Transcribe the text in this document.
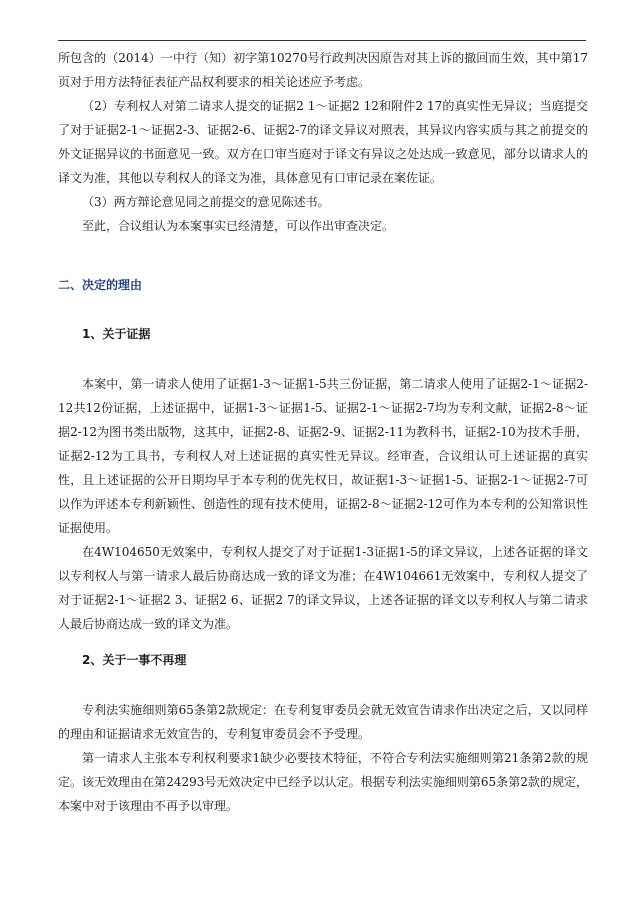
所包含的（2014）一中行（知）初字第10270号行政判决因原告对其上诉的撤回而生效，其中第17页对于用方法特征表征产品权利要求的相关论述应予考虑。

（2）专利权人对第二请求人提交的证据2 1～证据2 12和附件2 17的真实性无异议；当庭提交了对于证据2-1～证据2-3、证据2-6、证据2-7的译文异议对照表，其异议内容实质与其之前提交的外文证据异议的书面意见一致。双方在口审当庭对于译文有异议之处达成一致意见，部分以请求人的译文为准，其他以专利权人的译文为准，具体意见有口审记录在案佐证。

（3）两方辩论意见同之前提交的意见陈述书。

至此，合议组认为本案事实已经清楚，可以作出审查决定。

二、决定的理由
1、关于证据

本案中，第一请求人使用了证据1-3～证据1-5共三份证据，第二请求人使用了证据2-1～证据2-12共12份证据，上述证据中，证据1-3～证据1-5、证据2-1～证据2-7均为专利文献，证据2-8～证据2-12为图书类出版物，这其中，证据2-8、证据2-9、证据2-11为教科书，证据2-10为技术手册，证据2-12为工具书，专利权人对上述证据的真实性无异议。经审查，合议组认可上述证据的真实性，且上述证据的公开日期均早于本专利的优先权日，故证据1-3～证据1-5、证据2-1～证据2-7可以作为评述本专利新颖性、创造性的现有技术使用，证据2-8～证据2-12可作为本专利的公知常识性证据使用。

在4W104650无效案中，专利权人提交了对于证据1-3证据1-5的译文异议，上述各证据的译文以专利权人与第一请求人最后协商达成一致的译文为准；在4W104661无效案中，专利权人提交了对于证据2-1～证据2 3、证据2 6、证据2 7的译文异议，上述各证据的译文以专利权人与第二请求人最后协商达成一致的译文为准。

2、关于一事不再理

专利法实施细则第65条第2款规定：在专利复审委员会就无效宣告请求作出决定之后，又以同样的理由和证据请求无效宣告的，专利复审委员会不予受理。

第一请求人主张本专利权利要求1缺少必要技术特征，不符合专利法实施细则第21条第2款的规定。该无效理由在第24293号无效决定中已经予以认定。根据专利法实施细则第65条第2款的规定，本案中对于该理由不再予以审理。
